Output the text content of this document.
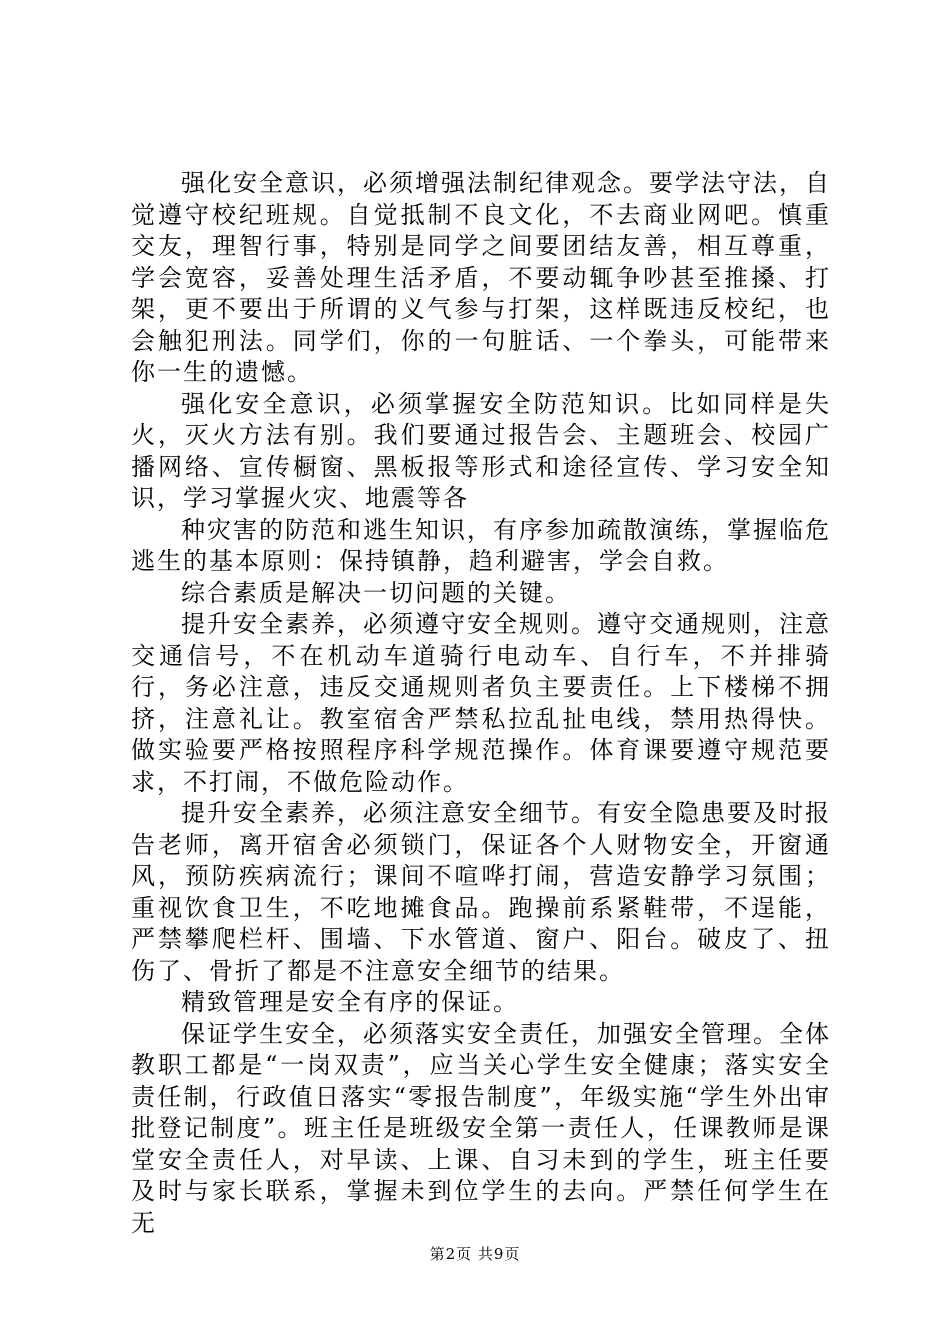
强化安全意识，必须增强法制纪律观念。要学法守法，自觉遵守校纪班规。自觉抵制不良文化，不去商业网吧。慎重交友，理智行事，特别是同学之间要团结友善，相互尊重，学会宽容，妥善处理生活矛盾，不要动辄争吵甚至推搡、打架，更不要出于所谓的义气参与打架，这样既违反校纪，也会触犯刑法。同学们，你的一句脏话、一个拳头，可能带来你一生的遗憾。

强化安全意识，必须掌握安全防范知识。比如同样是失火，灭火方法有别。我们要通过报告会、主题班会、校园广播网络、宣传橱窗、黑板报等形式和途径宣传、学习安全知识，学习掌握火灾、地震等各

种灾害的防范和逃生知识，有序参加疏散演练，掌握临危逃生的基本原则：保持镇静，趋利避害，学会自救。

综合素质是解决一切问题的关键。

提升安全素养，必须遵守安全规则。遵守交通规则，注意交通信号，不在机动车道骑行电动车、自行车，不并排骑行，务必注意，违反交通规则者负主要责任。上下楼梯不拥挤，注意礼让。教室宿舍严禁私拉乱扯电线，禁用热得快。做实验要严格按照程序科学规范操作。体育课要遵守规范要求，不打闹，不做危险动作。

提升安全素养，必须注意安全细节。有安全隐患要及时报告老师，离开宿舍必须锁门，保证各个人财物安全，开窗通风，预防疾病流行；课间不喧哗打闹，营造安静学习氛围；重视饮食卫生，不吃地摊食品。跑操前系紧鞋带，不逞能，严禁攀爬栏杆、围墙、下水管道、窗户、阳台。破皮了、扭伤了、骨折了都是不注意安全细节的结果。

精致管理是安全有序的保证。

保证学生安全，必须落实安全责任，加强安全管理。全体教职工都是“一岗双责”，应当关心学生安全健康；落实安全责任制，行政值日落实“零报告制度”，年级实施“学生外出审批登记制度”。班主任是班级安全第一责任人，任课教师是课堂安全责任人，对早读、上课、自习未到的学生，班主任要及时与家长联系，掌握未到位学生的去向。严禁任何学生在无

第2页 共9页
